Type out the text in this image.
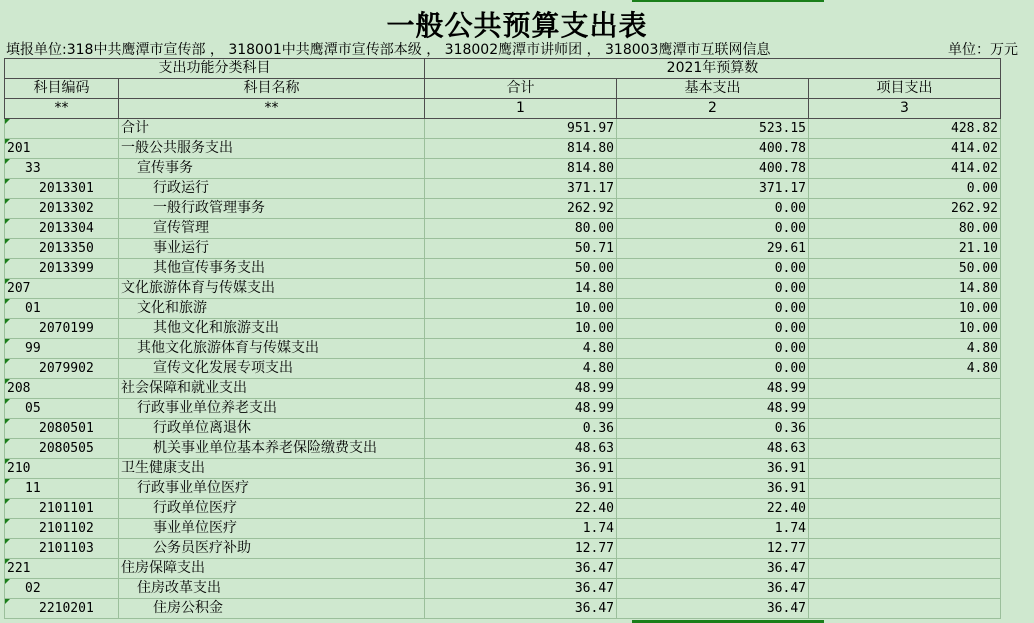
一般公共预算支出表
填报单位:318中共鹰潭市宣传部 ， 318001中共鹰潭市宣传部本级 ， 318002鹰潭市讲师团 ， 318003鹰潭市互联网信息	单位：万元
支出功能分类科目		2021年预算数		
科目编码	科目名称	合计	基本支出	项目支出
**	**	1	2	3
	合计	951.97	523.15	428.82
201	一般公共服务支出	814.80	400.78	414.02
33	宣传事务	814.80	400.78	414.02
2013301	行政运行	371.17	371.17	0.00
2013302	一般行政管理事务	262.92	0.00	262.92
2013304	宣传管理	80.00	0.00	80.00
2013350	事业运行	50.71	29.61	21.10
2013399	其他宣传事务支出	50.00	0.00	50.00
207	文化旅游体育与传媒支出	14.80	0.00	14.80
01	文化和旅游	10.00	0.00	10.00
2070199	其他文化和旅游支出	10.00	0.00	10.00
99	其他文化旅游体育与传媒支出	4.80	0.00	4.80
2079902	宣传文化发展专项支出	4.80	0.00	4.80
208	社会保障和就业支出	48.99	48.99	
05	行政事业单位养老支出	48.99	48.99	
2080501	行政单位离退休	0.36	0.36	
2080505	机关事业单位基本养老保险缴费支出	48.63	48.63	
210	卫生健康支出	36.91	36.91	
11	行政事业单位医疗	36.91	36.91	
2101101	行政单位医疗	22.40	22.40	
2101102	事业单位医疗	1.74	1.74	
2101103	公务员医疗补助	12.77	12.77	
221	住房保障支出	36.47	36.47	
02	住房改革支出	36.47	36.47	
2210201	住房公积金	36.47	36.47	
